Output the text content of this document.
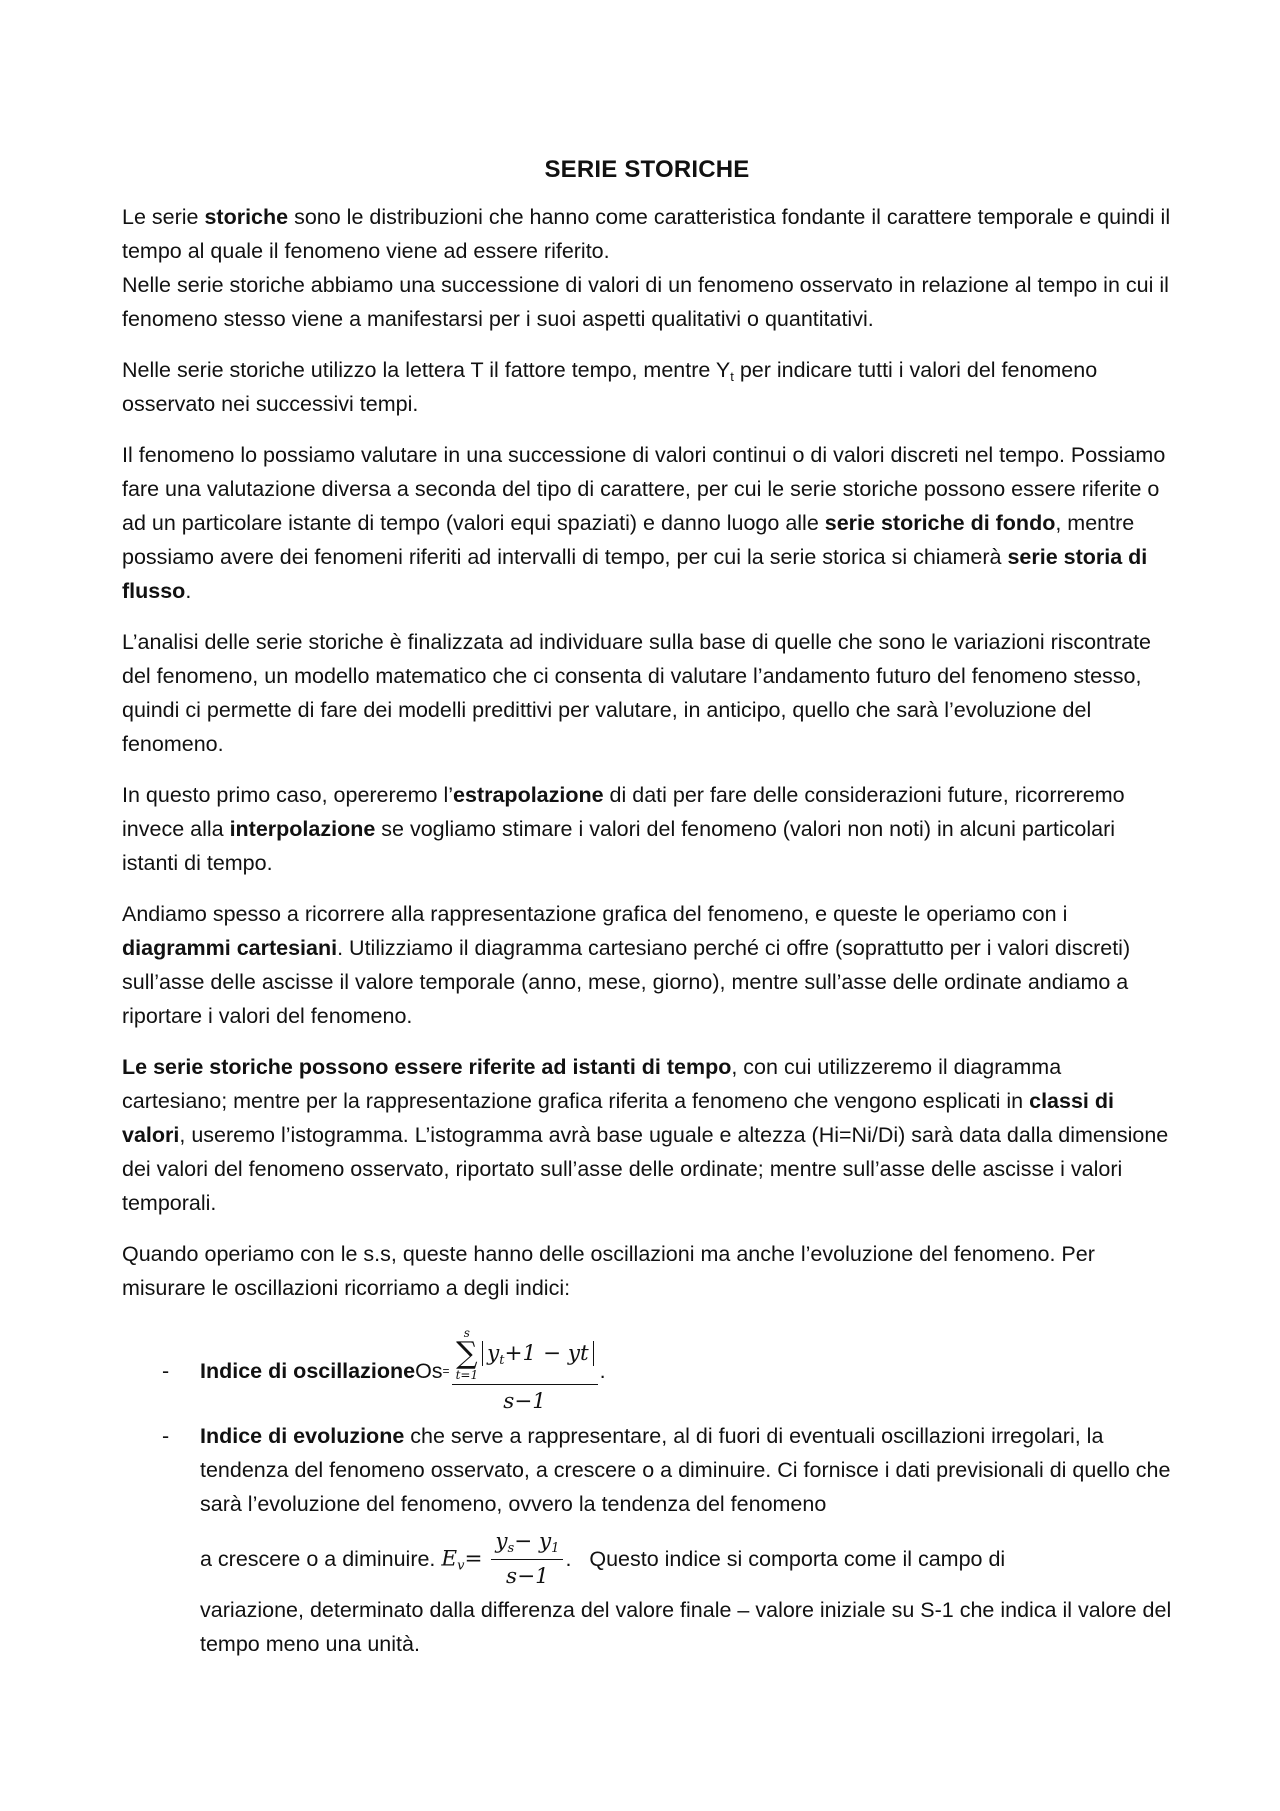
SERIE STORICHE

Le serie storiche sono le distribuzioni che hanno come caratteristica fondante il carattere temporale e quindi il tempo al quale il fenomeno viene ad essere riferito.

Nelle serie storiche abbiamo una successione di valori di un fenomeno osservato in relazione al tempo in cui il fenomeno stesso viene a manifestarsi per i suoi aspetti qualitativi o quantitativi.

Nelle serie storiche utilizzo la lettera T il fattore tempo, mentre $Y_t$ per indicare tutti i valori del fenomeno osservato nei successivi tempi.

Il fenomeno lo possiamo valutare in una successione di valori continui o di valori discreti nel tempo. Possiamo fare una valutazione diversa a seconda del tipo di carattere, per cui le serie storiche possono essere riferite o ad un particolare istante di tempo (valori equi spaziati) e danno luogo alle serie storiche di fondo, mentre possiamo avere dei fenomeni riferiti ad intervalli di tempo, per cui la serie storica si chiamerà serie storia di flusso.

L’analisi delle serie storiche è finalizzata ad individuare sulla base di quelle che sono le variazioni riscontrate del fenomeno, un modello matematico che ci consenta di valutare l’andamento futuro del fenomeno stesso, quindi ci permette di fare dei modelli predittivi per valutare, in anticipo, quello che sarà l’evoluzione del fenomeno.

In questo primo caso, opereremo l’estrapolazione di dati per fare delle considerazioni future, ricorreremo invece alla interpolazione se vogliamo stimare i valori del fenomeno (valori non noti) in alcuni particolari istanti di tempo.

Andiamo spesso a ricorrere alla rappresentazione grafica del fenomeno, e queste le operiamo con i diagrammi cartesiani. Utilizziamo il diagramma cartesiano perché ci offre (soprattutto per i valori discreti) sull’asse delle ascisse il valore temporale (anno, mese, giorno), mentre sull’asse delle ordinate andiamo a riportare i valori del fenomeno.

Le serie storiche possono essere riferite ad istanti di tempo, con cui utilizzeremo il diagramma cartesiano; mentre per la rappresentazione grafica riferita a fenomeno che vengono esplicati in classi di valori, useremo l’istogramma. L’istogramma avrà base uguale e altezza (Hi=Ni/Di) sarà data dalla dimensione dei valori del fenomeno osservato, riportato sull’asse delle ordinate; mentre sull’asse delle ascisse i valori temporali.

Quando operiamo con le s.s, queste hanno delle oscillazioni ma anche l’evoluzione del fenomeno. Per misurare le oscillazioni ricorriamo a degli indici:

- Indice di oscillazione Os = s
∑
t=1
$y_t+1$ − yt
s−1 .
- Indice di evoluzione che serve a rappresentare, al di fuori di eventuali oscillazioni irregolari, la tendenza del fenomeno osservato, a crescere o a diminuire. Ci fornisce i dati previsionali di quello che sarà l’evoluzione del fenomeno, ovvero la tendenza del fenomeno
a crescere o a diminuire. $E_v= \frac{y_s- y_1}{s-1}$ . Questo indice si comporta come il campo di
variazione, determinato dalla differenza del valore finale – valore iniziale su S-1 che indica il valore del tempo meno una unità.
